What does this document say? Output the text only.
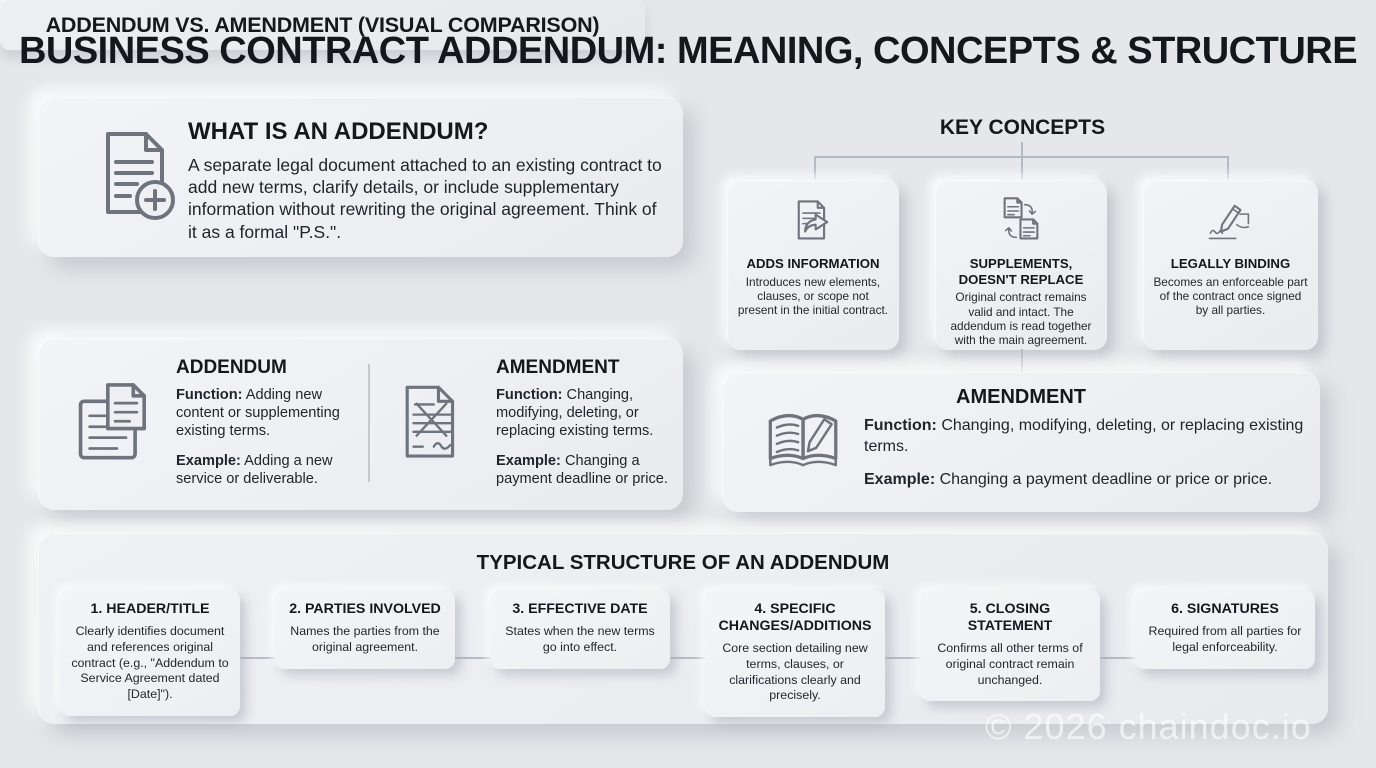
BUSINESS CONTRACT ADDENDUM: MEANING, CONCEPTS & STRUCTURE
WHAT IS AN ADDENDUM?

A separate legal document attached to an existing contract to add new terms, clarify details, or include supplementary information without rewriting the original agreement. Think of it as a formal "P.S.".

KEY CONCEPTS
ADDS INFORMATION

Introduces new elements, clauses, or scope not present in the initial contract.

SUPPLEMENTS, DOESN'T REPLACE

Original contract remains valid and intact. The addendum is read together with the main agreement.

LEGALLY BINDING

Becomes an enforceable part of the contract once signed by all parties.

ADDENDUM VS. AMENDMENT (VISUAL COMPARISON)
ADDENDUM

Function: Adding new content or supplementing existing terms.

Example: Adding a new service or deliverable.

AMENDMENT

Function: Changing, modifying, deleting, or replacing existing terms.

Example: Changing a payment deadline or price.

AMENDMENT

Function: Changing, modifying, deleting, or replacing existing terms.

Example: Changing a payment deadline or price or price.

TYPICAL STRUCTURE OF AN ADDENDUM
1. HEADER/TITLE

Clearly identifies document and references original contract (e.g., "Addendum to Service Agreement dated [Date]").

2. PARTIES INVOLVED

Names the parties from the original agreement.

3. EFFECTIVE DATE

States when the new terms go into effect.

4. SPECIFIC CHANGES/ADDITIONS

Core section detailing new terms, clauses, or clarifications clearly and precisely.

5. CLOSING STATEMENT

Confirms all other terms of original contract remain unchanged.

6. SIGNATURES

Required from all parties for legal enforceability.

© 2026 chaindoc.io
